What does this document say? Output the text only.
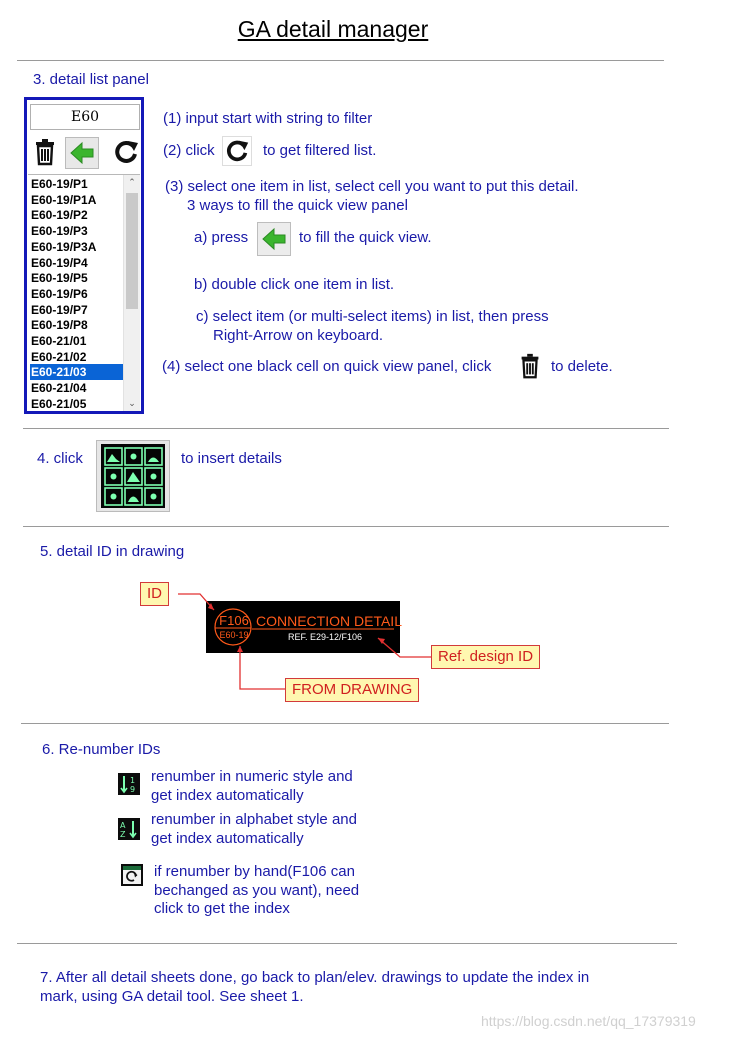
GA detail manager
3. detail list panel
E60
⌃
⌄
E60-19/P1
E60-19/P1A
E60-19/P2
E60-19/P3
E60-19/P3A
E60-19/P4
E60-19/P5
E60-19/P6
E60-19/P7
E60-19/P8
E60-21/01
E60-21/02
E60-21/03
E60-21/04
E60-21/05
(1) input start with string to filter
(2) click	to get filtered list.
(3) select one item in list, select cell you want to put this detail.
3 ways to fill the quick view panel
a) press	to fill the quick view.
b) double click one item in list.
c) select item (or multi-select items) in list, then press
Right-Arrow on keyboard.
(4) select one black cell on quick view panel, click	to delete.
4. click	to insert details
5. detail ID in drawing
F106
E60-19
CONNECTION DETAIL
REF. E29-12/F106
ID
Ref. design ID
FROM DRAWING
6. Re-number IDs
1
9
renumber in numeric style and
get index automatically
A
Z
renumber in alphabet style and
get index automatically
if renumber by hand(F106 can
bechanged as you want), need
click to get the index
7. After all detail sheets done, go back to plan/elev. drawings to update the index in
mark, using GA detail tool. See sheet 1.
https://blog.csdn.net/qq_17379319
